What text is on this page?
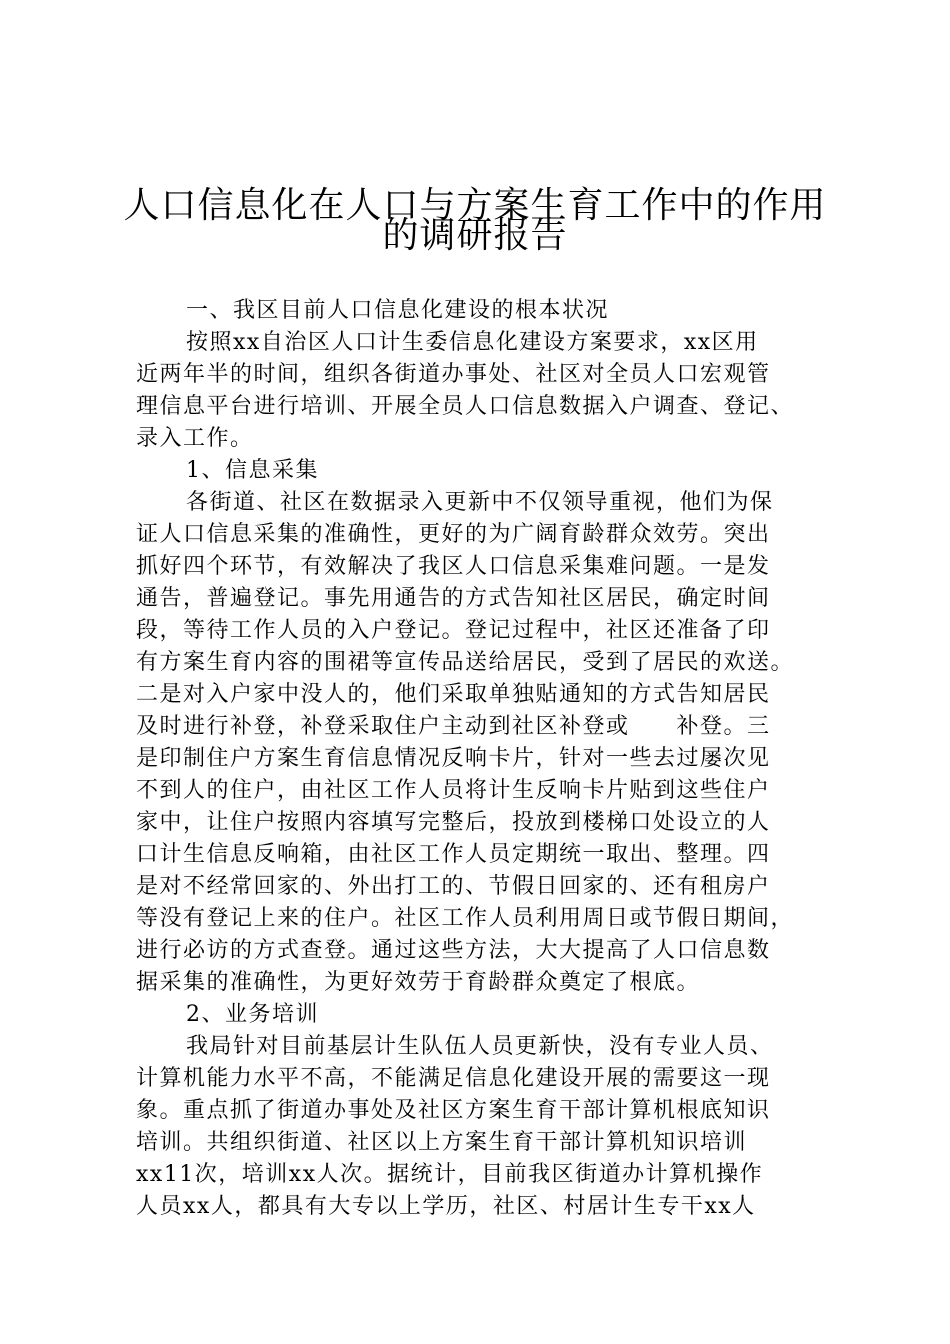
人口信息化在人口与方案生育工作中的作用
的调研报告
一、我区目前人口信息化建设的根本状况
按照xx自治区人口计生委信息化建设方案要求，xx区用
近两年半的时间，组织各街道办事处、社区对全员人口宏观管
理信息平台进行培训、开展全员人口信息数据入户调查、登记、
录入工作。
1、信息采集
各街道、社区在数据录入更新中不仅领导重视，他们为保
证人口信息采集的准确性，更好的为广阔育龄群众效劳。突出
抓好四个环节，有效解决了我区人口信息采集难问题。一是发
通告，普遍登记。事先用通告的方式告知社区居民，确定时间
段，等待工作人员的入户登记。登记过程中，社区还准备了印
有方案生育内容的围裙等宣传品送给居民，受到了居民的欢送。
二是对入户家中没人的，他们采取单独贴通知的方式告知居民
及时进行补登，补登采取住户主动到社区补登或　　补登。三
是印制住户方案生育信息情况反响卡片，针对一些去过屡次见
不到人的住户，由社区工作人员将计生反响卡片贴到这些住户
家中，让住户按照内容填写完整后，投放到楼梯口处设立的人
口计生信息反响箱，由社区工作人员定期统一取出、整理。四
是对不经常回家的、外出打工的、节假日回家的、还有租房户
等没有登记上来的住户。社区工作人员利用周日或节假日期间，
进行必访的方式查登。通过这些方法，大大提高了人口信息数
据采集的准确性，为更好效劳于育龄群众奠定了根底。
2、业务培训
我局针对目前基层计生队伍人员更新快，没有专业人员、
计算机能力水平不高，不能满足信息化建设开展的需要这一现
象。重点抓了街道办事处及社区方案生育干部计算机根底知识
培训。共组织街道、社区以上方案生育干部计算机知识培训
xx11次，培训xx人次。据统计，目前我区街道办计算机操作
人员xx人，都具有大专以上学历，社区、村居计生专干xx人
